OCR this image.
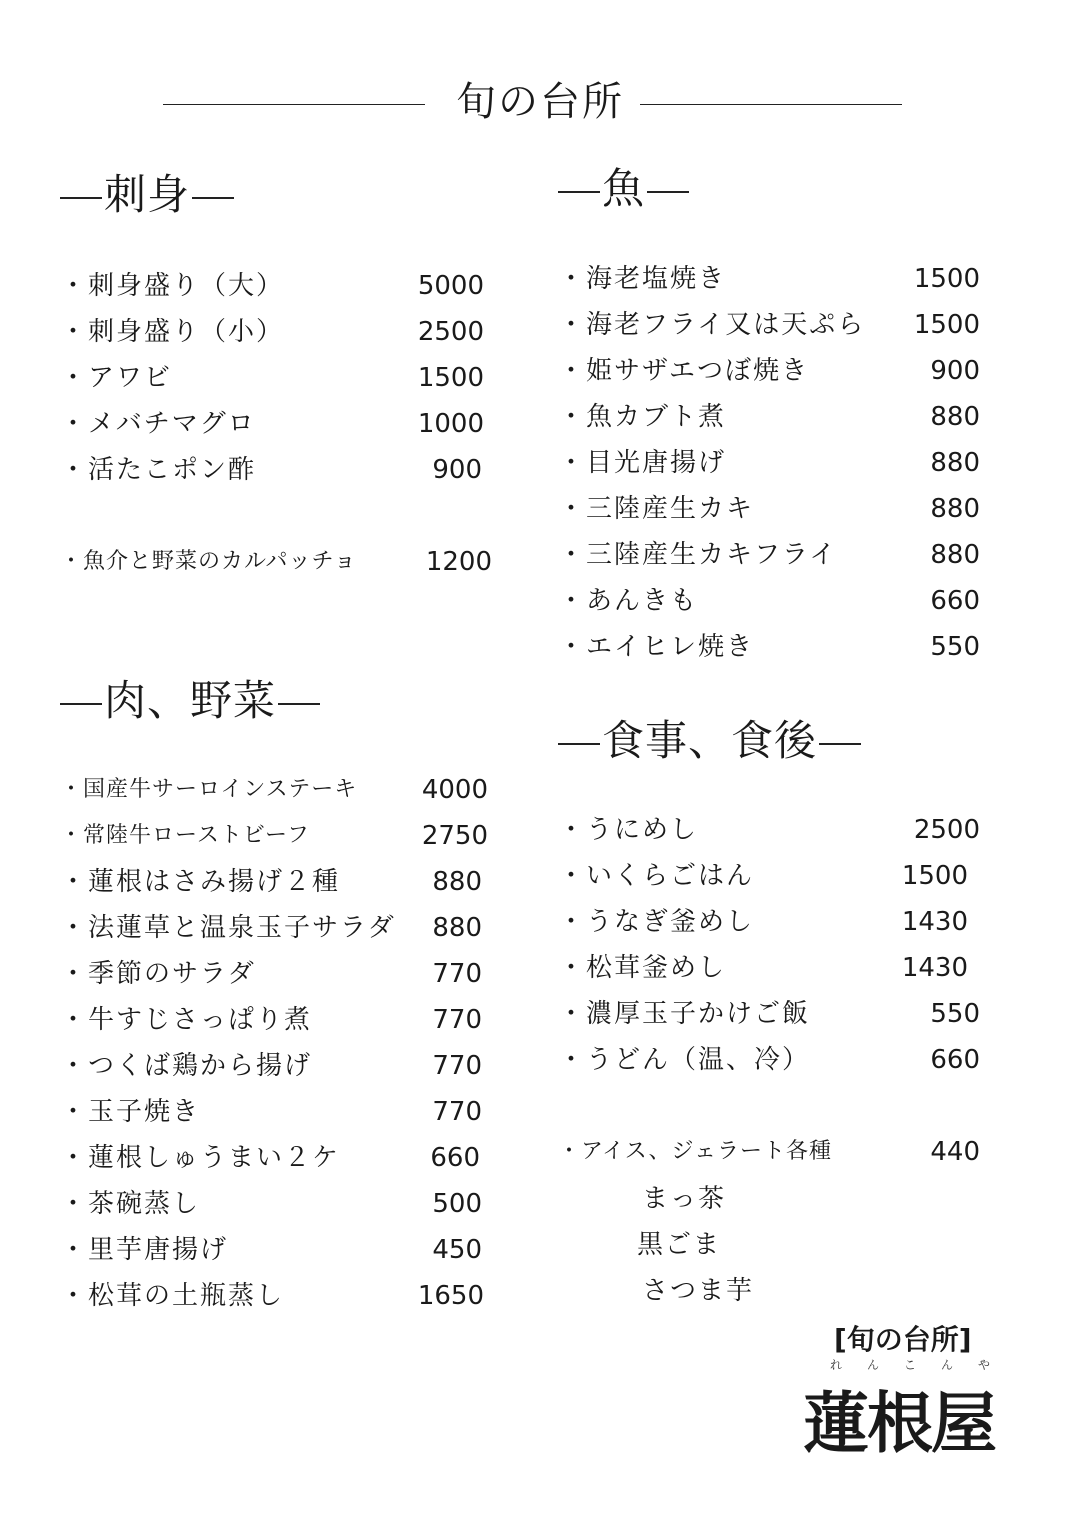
旬の台所
刺身
・刺身盛り（大）	5000
・刺身盛り（小）	2500
・アワビ	1500
・メバチマグロ	1000
・活たこポン酢	900
・魚介と野菜のカルパッチョ	1200
肉、野菜
・国産牛サーロインステーキ 4000
・常陸牛ローストビーフ	2750
・蓮根はさみ揚げ２種	880
・法蓮草と温泉玉子サラダ 880
・季節のサラダ	770
・牛すじさっぱり煮	770
・つくば鶏から揚げ	770
・玉子焼き	770
・蓮根しゅうまい２ケ	660
・茶碗蒸し	500
・里芋唐揚げ	450
・松茸の土瓶蒸し	1650
魚
・海老塩焼き	1500
・海老フライ又は天ぷら 1500
・姫サザエつぼ焼き	900
・魚カブト煮	880
・目光唐揚げ	880
・三陸産生カキ	880
・三陸産生カキフライ	880
・あんきも	660
・エイヒレ焼き	550
食事、食後
・うにめし	2500
・いくらごはん	1500
・うなぎ釜めし	1430
・松茸釜めし	1430
・濃厚玉子かけご飯	550
・うどん（温、冷）	660
・アイス、ジェラート各種	440
まっ茶
黒ごま
さつま芋
[旬の台所]
れ ん こ ん や
蓮根屋
